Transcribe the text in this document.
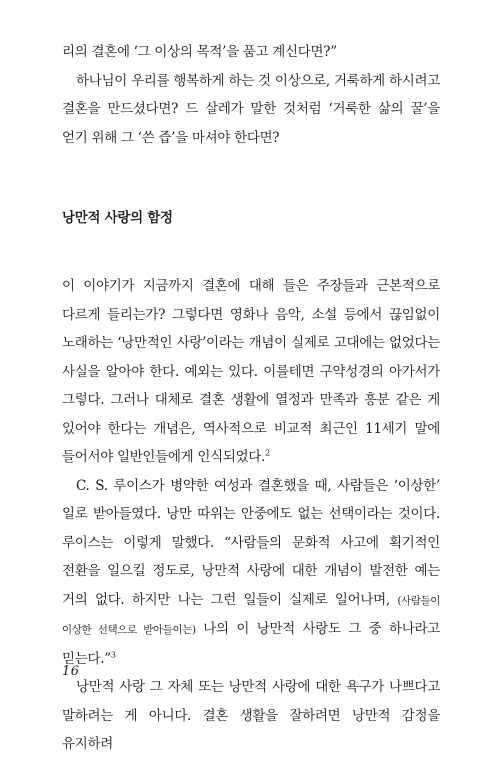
리의 결혼에 ‘그 이상의 목적’을 품고 계신다면?”

하나님이 우리를 행복하게 하는 것 이상으로, 거룩하게 하시려고 결혼을 만드셨다면? 드 살레가 말한 것처럼 ‘거룩한 삶의 꿀’을 얻기 위해 그 ‘쓴 즙’을 마셔야 한다면?

낭만적 사랑의 함정

이 이야기가 지금까지 결혼에 대해 들은 주장들과 근본적으로 다르게 들리는가? 그렇다면 영화나 음악, 소설 등에서 끊임없이 노래하는 ‘낭만적인 사랑’이라는 개념이 실제로 고대에는 없었다는 사실을 알아야 한다. 예외는 있다. 이를테면 구약성경의 아가서가 그렇다. 그러나 대체로 결혼 생활에 열정과 만족과 흥분 같은 게 있어야 한다는 개념은, 역사적으로 비교적 최근인 11세기 말에 들어서야 일반인들에게 인식되었다.$^2$

C. S. 루이스가 병약한 여성과 결혼했을 때, 사람들은 ‘이상한’ 일로 받아들였다. 낭만 따위는 안중에도 없는 선택이라는 것이다. 루이스는 이렇게 말했다. “사람들의 문화적 사고에 획기적인 전환을 일으킬 정도로, 낭만적 사랑에 대한 개념이 발전한 예는 거의 없다. 하지만 나는 그런 일들이 실제로 일어나며, (사람들이 이상한 선택으로 받아들이는) 나의 이 낭만적 사랑도 그 중 하나라고 믿는다.”$^3$

낭만적 사랑 그 자체 또는 낭만적 사랑에 대한 욕구가 나쁘다고 말하려는 게 아니다. 결혼 생활을 잘하려면 낭만적 감정을 유지하려

16
